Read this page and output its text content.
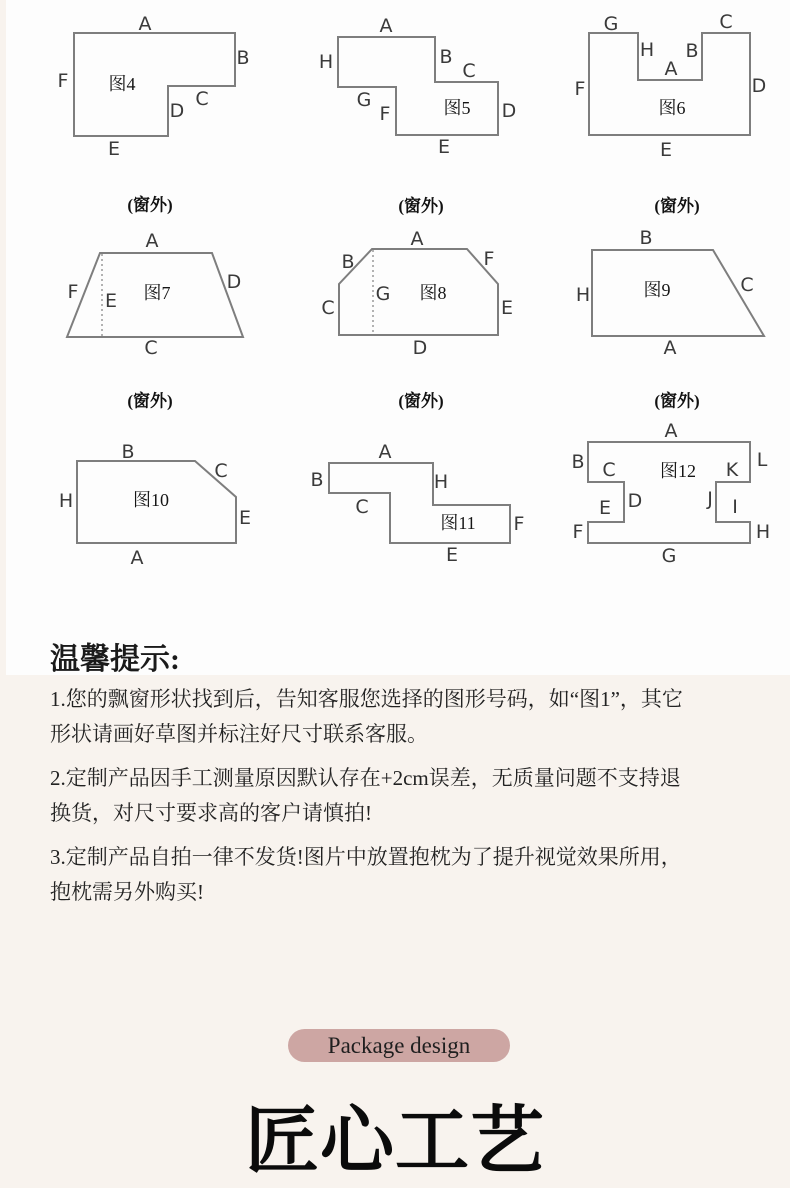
A
B
C
D
E
F 图4
A
B
C
D
E
F
G
H
图5
G	C
H B
A
F	D
E
图6
(窗外)
A
F E
D
C
图7
(窗外)
A
B
C
D
E
F
G 图8
(窗外)
B
H	C
A
图9
(窗外)
B
C
E
A
H	图10
(窗外)
A
B
C
H
E
F
图11
(窗外)
A
B C	K L
D	J
E	I
F	H
G
图12
温馨提示:
1.您的飘窗形状找到后，告知客服您选择的图形号码，如“图1”，其它
形状请画好草图并标注好尺寸联系客服。
2.定制产品因手工测量原因默认存在+2cm误差，无质量问题不支持退
换货，对尺寸要求高的客户请慎拍!
3.定制产品自拍一律不发货!图片中放置抱枕为了提升视觉效果所用，
抱枕需另外购买!
Package design
匠心工艺
